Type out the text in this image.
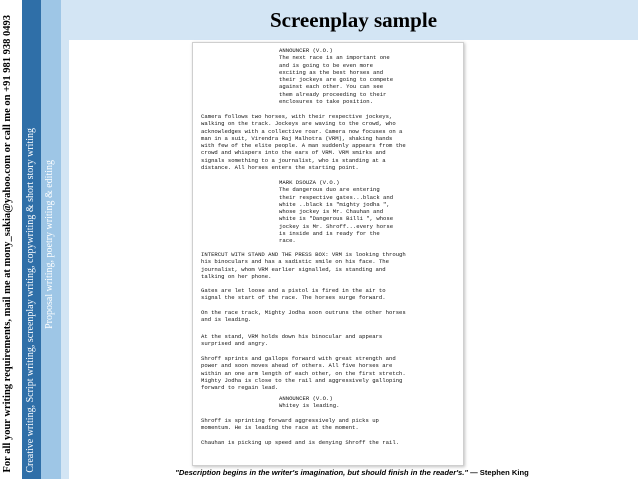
For all your writing requirements, mail me at mony_sakia@yahoo.com or call me on +91 981 938 0493 Creative writing, Script writing, screenplay writing, copywriting & short story writing Proposal writing, poetry writing & editing
Screenplay sample
ANNOUNCER (V.O.)
The next race is an important one
and is going to be even more
exciting as the best horses and
their jockeys are going to compete
against each other. You can see
them already proceeding to their
enclosures to take position.
Camera follows two horses, with their respective jockeys,
walking on the track. Jockeys are waving to the crowd, who
acknowledges with a collective roar. Camera now focuses on a
man in a suit, Virendra Raj Malhotra (VRM), shaking hands
with few of the elite people. A man suddenly appears from the
crowd and whispers into the ears of VRM. VRM smirks and
signals something to a journalist, who is standing at a
distance. All horses enters the starting point.
MARK DSOUZA (V.O.)
The dangerous duo are entering
their respective gates...black and
white ..black is "mighty jodha ",
whose jockey is Mr. Chauhan and
white is "Dangerous Billi ", whose
jockey is Mr. Shroff...every horse
is inside and is ready for the
race.
INTERCUT WITH STAND AND THE PRESS BOX: VRM is looking through
his binoculars and has a sadistic smile on his face. The
journalist, whom VRM earlier signalled, is standing and
talking on her phone.
Gates are let loose and a pistol is fired in the air to
signal the start of the race. The horses surge forward.
On the race track, Mighty Jodha soon outruns the other horses
and is leading.
At the stand, VRM holds down his binocular and appears
surprised and angry.
Shroff sprints and gallops forward with great strength and
power and soon moves ahead of others. All five horses are
within an one arm length of each other, on the first stretch.
Mighty Jodha is close to the rail and aggressively galloping
forward to regain lead.
ANNOUNCER (V.O.)
Whitey is leading.
Shroff is sprinting forward aggressively and picks up
momentum. He is leading the race at the moment.
Chauhan is picking up speed and is denying Shroff the rail.
"Description begins in the writer's imagination, but should finish in the reader's." — Stephen King
